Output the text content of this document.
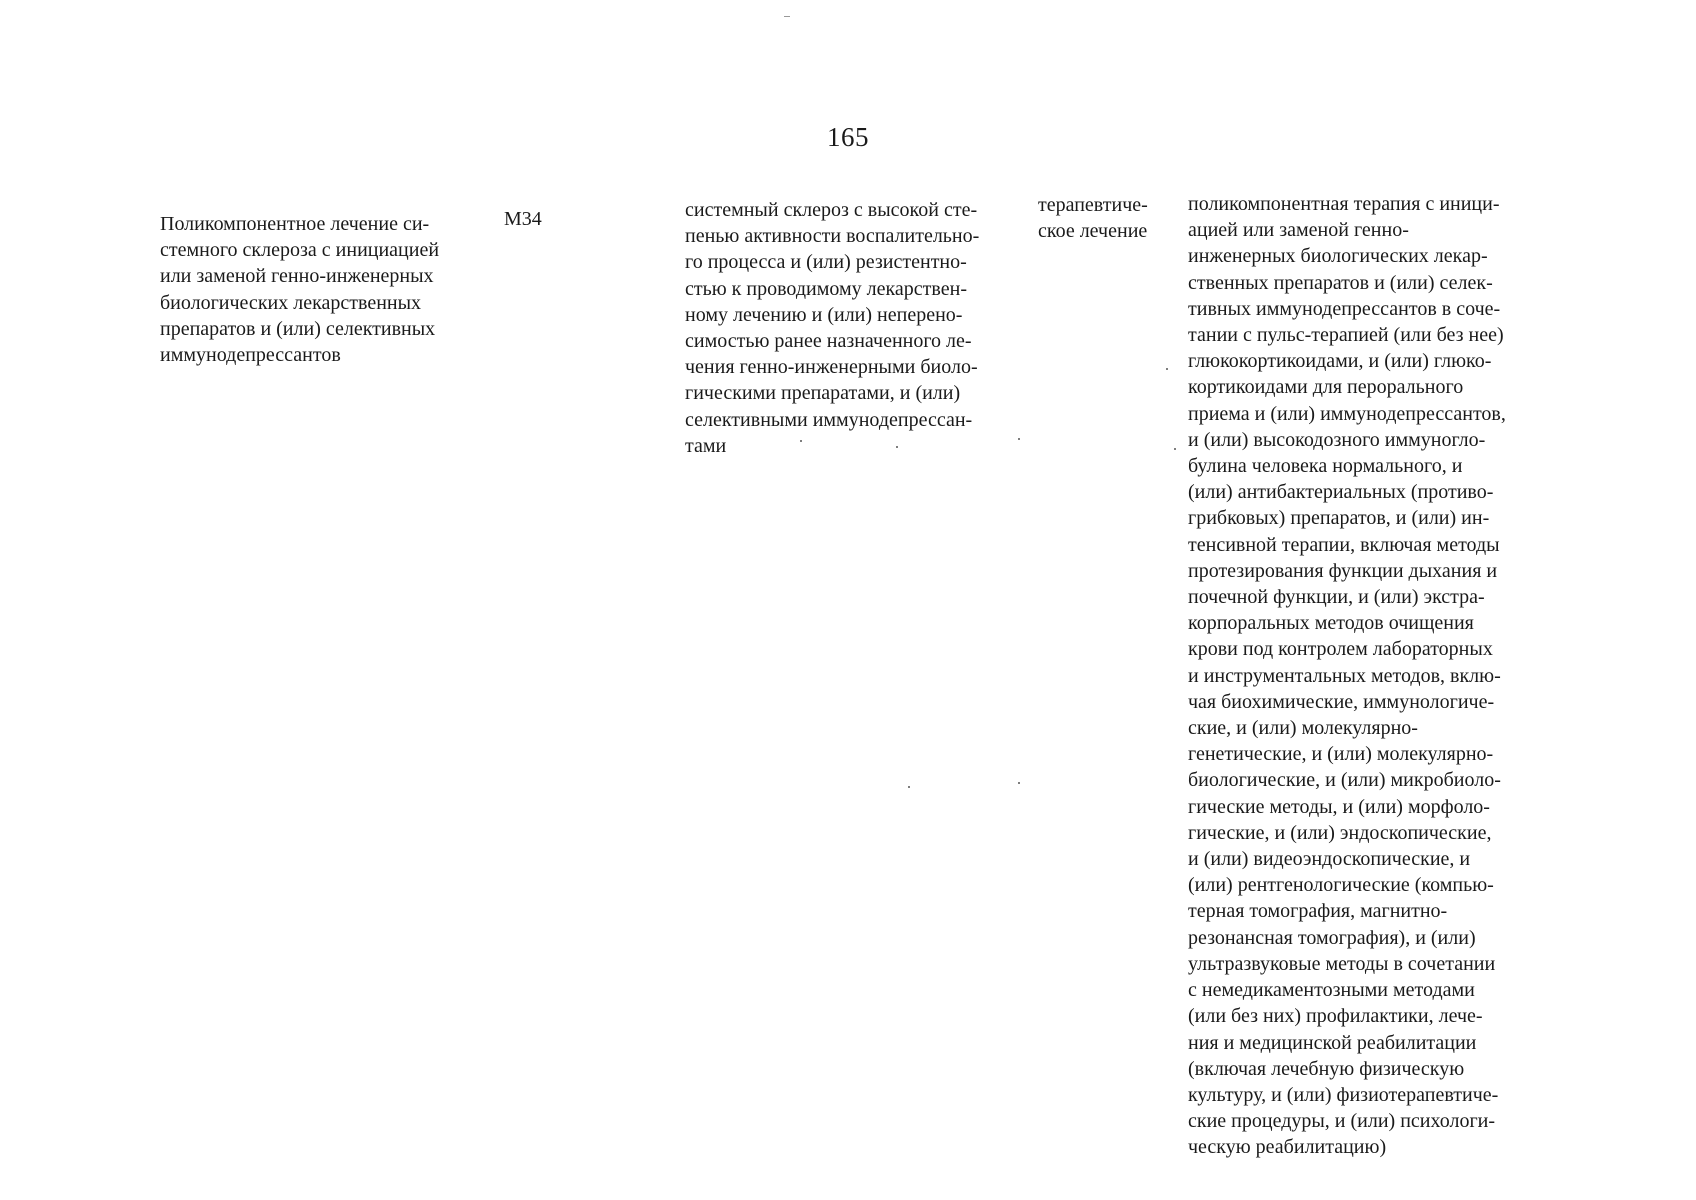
165

Поликомпонентное лечение си-
стемного склероза с инициацией
или заменой генно-инженерных
биологических лекарственных
препаратов и (или) селективных
иммунодепрессантов

М34	системный склероз с высокой сте-
пенью активности воспалительно-
го процесса и (или) резистентно-
стью к проводимому лекарствен-
ному лечению и (или) неперено-
симостью ранее назначенного ле-
чения генно-инженерными биоло-
гическими препаратами, и (или)
селективными иммунодепрессан-
тами

терапевтиче-
ское лечение

поликомпонентная терапия с иници-
ацией или заменой генно-
инженерных биологических лекар-
ственных препаратов и (или) селек-
тивных иммунодепрессантов в соче-
тании с пульс-терапией (или без нее)
глюкокортикоидами, и (или) глюко-
кортикоидами для перорального
приема и (или) иммунодепрессантов,
и (или) высокодозного иммуногло-
булина человека нормального, и
(или) антибактериальных (противо-
грибковых) препаратов, и (или) ин-
тенсивной терапии, включая методы
протезирования функции дыхания и
почечной функции, и (или) экстра-
корпоральных методов очищения
крови под контролем лабораторных
и инструментальных методов, вклю-
чая биохимические, иммунологиче-
ские, и (или) молекулярно-
генетические, и (или) молекулярно-
биологические, и (или) микробиоло-
гические методы, и (или) морфоло-
гические, и (или) эндоскопические,
и (или) видеоэндоскопические, и
(или) рентгенологические (компью-
терная томография, магнитно-
резонансная томография), и (или)
ультразвуковые методы в сочетании
с немедикаментозными методами
(или без них) профилактики, лече-
ния и медицинской реабилитации
(включая лечебную физическую
культуру, и (или) физиотерапевтиче-
ские процедуры, и (или) психологи-
ческую реабилитацию)
